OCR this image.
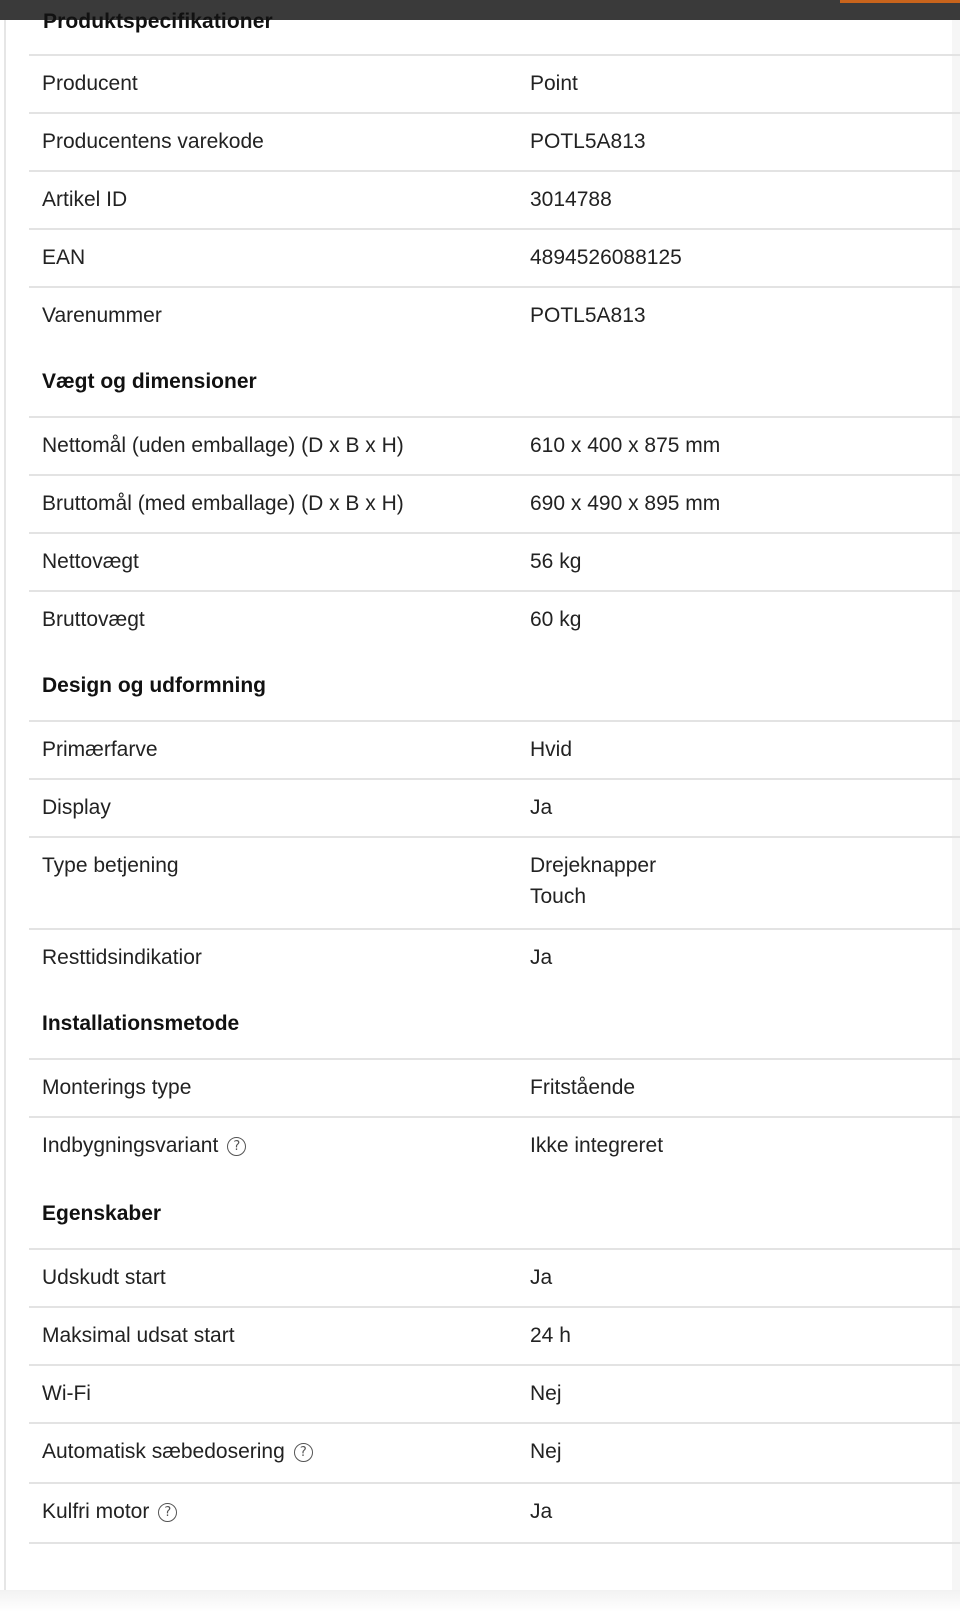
Produktspecifikationer
Producent	Point
Producentens varekode	POTL5A813
Artikel ID	3014788
EAN	4894526088125
Varenummer	POTL5A813
Vægt og dimensioner
Nettomål (uden emballage) (D x B x H)	610 x 400 x 875 mm
Bruttomål (med emballage) (D x B x H)	690 x 490 x 895 mm
Nettovægt	56 kg
Bruttovægt	60 kg
Design og udformning
Primærfarve	Hvid
Display	Ja
Type betjening	Drejeknapper
Touch
Resttidsindikatior	Ja
Installationsmetode
Monterings type	Fritstående
Indbygningsvariant	?	Ikke integreret
Egenskaber
Udskudt start	Ja
Maksimal udsat start	24 h
Wi-Fi	Nej
Automatisk sæbedosering	?	Nej
Kulfri motor	?	Ja
